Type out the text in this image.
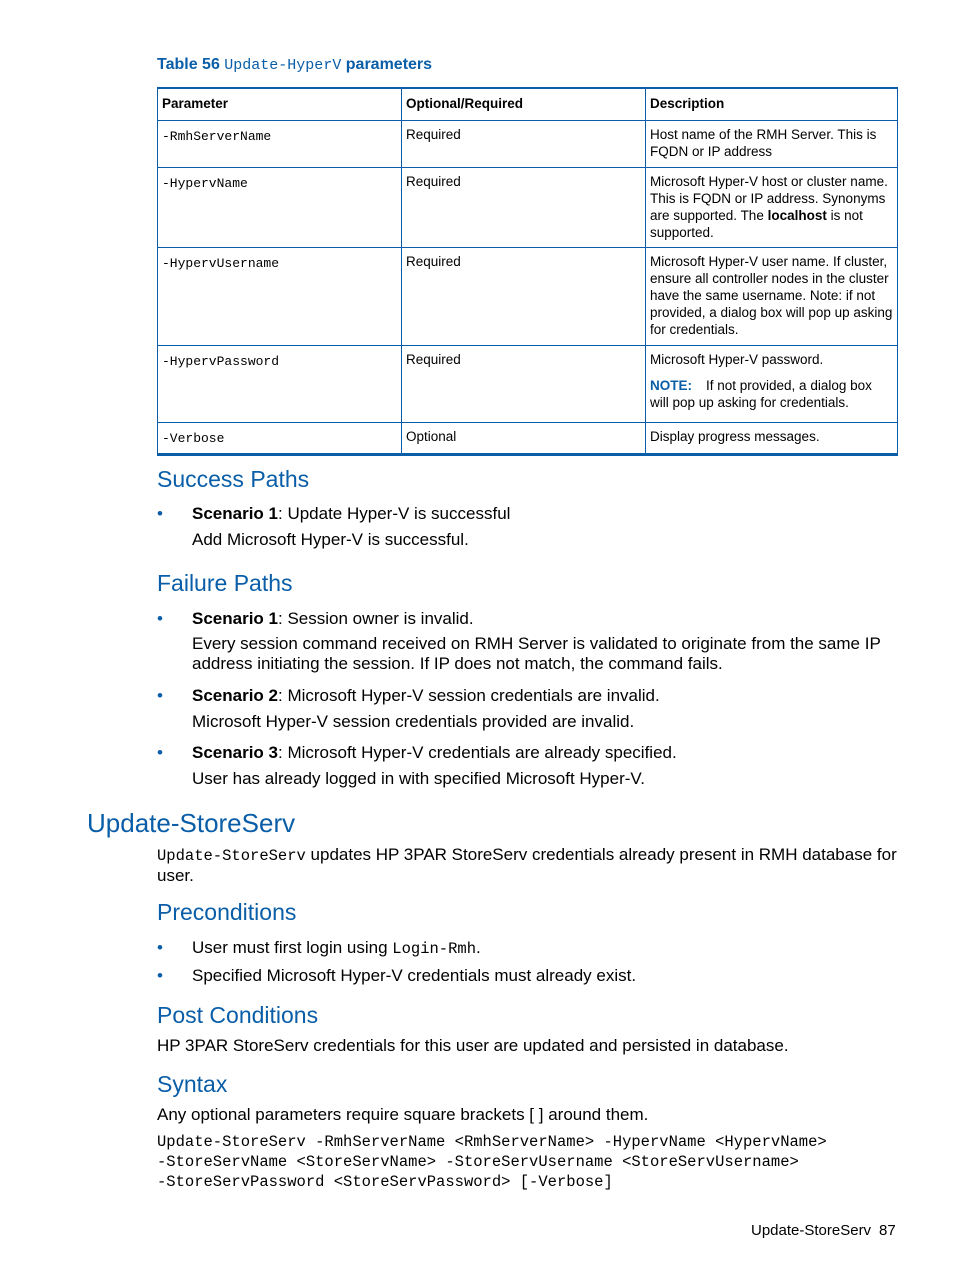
Table 56 Update-HyperV parameters
Parameter	Optional/Required	Description
-RmhServerName	Required	Host name of the RMH Server. This is FQDN or IP address
-HypervName	Required	Microsoft Hyper-V host or cluster name. This is FQDN or IP address. Synonyms are supported. The localhost is not supported.
-HypervUsername	Required	Microsoft Hyper-V user name. If cluster, ensure all controller nodes in the cluster have the same username. Note: if not provided, a dialog box will pop up asking for credentials.
-HypervPassword	Required	Microsoft Hyper-V password.
NOTE: If not provided, a dialog box will pop up asking for credentials.

-Verbose	Optional	Display progress messages.
Success Paths
• Scenario 1: Update Hyper-V is successful
Add Microsoft Hyper-V is successful.
Failure Paths
• Scenario 1: Session owner is invalid.
Every session command received on RMH Server is validated to originate from the same IP address initiating the session. If IP does not match, the command fails.
• Scenario 2: Microsoft Hyper-V session credentials are invalid.
Microsoft Hyper-V session credentials provided are invalid.
• Scenario 3: Microsoft Hyper-V credentials are already specified.
User has already logged in with specified Microsoft Hyper-V.
Update-StoreServ
Update-StoreServ updates HP 3PAR StoreServ credentials already present in RMH database for user.
Preconditions
• User must first login using Login-Rmh.
• Specified Microsoft Hyper-V credentials must already exist.
Post Conditions
HP 3PAR StoreServ credentials for this user are updated and persisted in database.
Syntax
Any optional parameters require square brackets [ ] around them.
Update-StoreServ -RmhServerName <RmhServerName> -HypervName <HypervName>
-StoreServName <StoreServName> -StoreServUsername <StoreServUsername>
-StoreServPassword <StoreServPassword> [-Verbose]
Update-StoreServ 87
